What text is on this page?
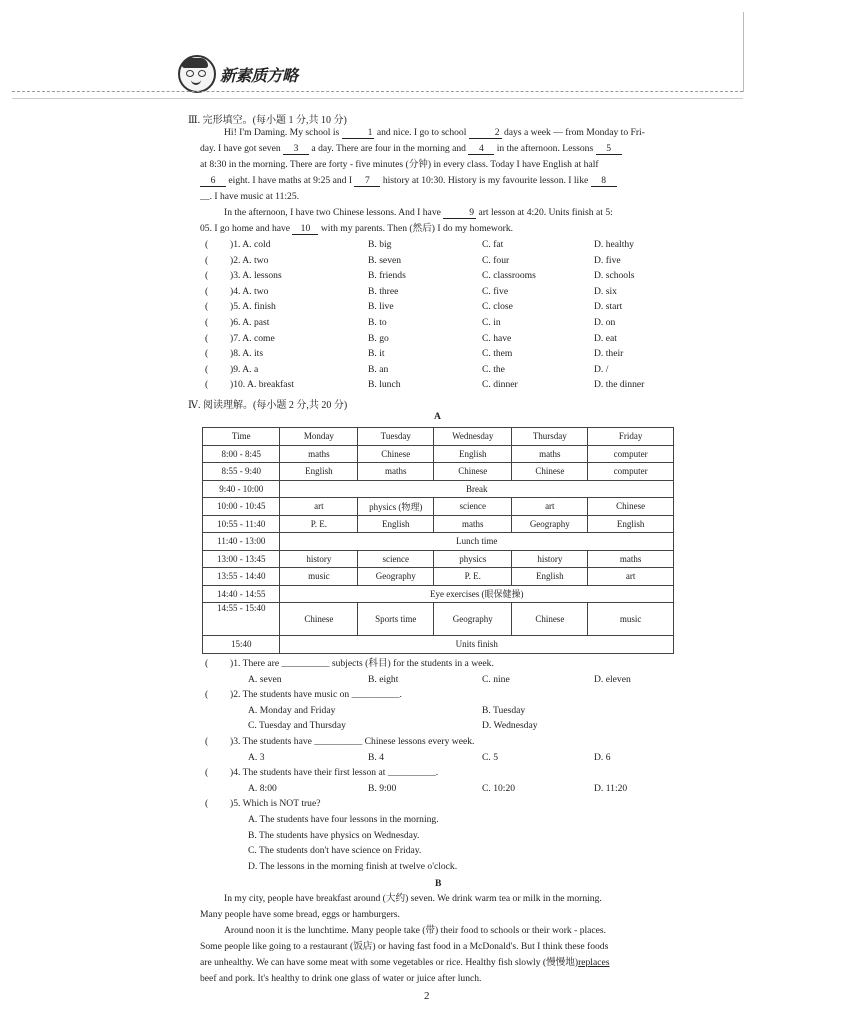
新素质方略
Ⅲ. 完形填空。(每小题 1 分,共 10 分)
Hi! I'm Daming. My school is	1 and nice. I go to school	2 days a week — from Monday to Fri-
day. I have got seven 3 a day. There are four in the morning and 4 in the afternoon. Lessons 5
at 8:30 in the morning. There are forty - five minutes (分钟) in every class. Today I have English at half
6 eight. I have maths at 9:25 and I 7 history at 10:30. History is my favourite lesson. I like 8
__. I have music at 11:25.
In the afternoon, I have two Chinese lessons. And I have	9 art lesson at 4:20. Units finish at 5:
05. I go home and have 10 with my parents. Then (然后) I do my homework.
( )1. A. cold	B. big	C. fat	D. healthy
( )2. A. two	B. seven	C. four	D. five
( )3. A. lessons	B. friends	C. classrooms	D. schools
( )4. A. two	B. three	C. five	D. six
( )5. A. finish	B. live	C. close	D. start
( )6. A. past	B. to	C. in	D. on
( )7. A. come	B. go	C. have	D. eat
( )8. A. its	B. it	C. them	D. their
( )9. A. a	B. an	C. the	D. /
( )10. A. breakfast	B. lunch	C. dinner	D. the dinner
Ⅳ. 阅读理解。(每小题 2 分,共 20 分)
A
Time	Monday	Tuesday	Wednesday	Thursday	Friday
8:00 - 8:45	maths	Chinese	English	maths	computer
8:55 - 9:40	English	maths	Chinese	Chinese	computer
9:40 - 10:00	Break				
10:00 - 10:45	art	physics (物理)	science	art	Chinese
10:55 - 11:40	P. E.	English	maths	Geography	English
11:40 - 13:00	Lunch time				
13:00 - 13:45	history	science	physics	history	maths
13:55 - 14:40	music	Geography	P. E.	English	art
14:40 - 14:55	Eye exercises (眼保健操)				
14:55 - 15:40	Chinese	Sports time	Geography	Chinese	music
15:40	Units finish				
( )1. There are __________ subjects (科目) for the students in a week.
A. seven	B. eight	C. nine	D. eleven
( )2. The students have music on __________.
A. Monday and Friday	B. Tuesday
C. Tuesday and Thursday	D. Wednesday
( )3. The students have __________ Chinese lessons every week.
A. 3	B. 4	C. 5	D. 6
( )4. The students have their first lesson at __________.
A. 8:00	B. 9:00	C. 10:20	D. 11:20
( )5. Which is NOT true?
A. The students have four lessons in the morning.
B. The students have physics on Wednesday.
C. The students don't have science on Friday.
D. The lessons in the morning finish at twelve o'clock.
B
In my city, people have breakfast around (大约) seven. We drink warm tea or milk in the morning.
Many people have some bread, eggs or hamburgers.
Around noon it is the lunchtime. Many people take (带) their food to schools or their work - places.
Some people like going to a restaurant (饭店) or having fast food in a McDonald's. But I think these foods
are unhealthy. We can have some meat with some vegetables or rice. Healthy fish slowly (慢慢地)replaces
beef and pork. It's healthy to drink one glass of water or juice after lunch.
2
